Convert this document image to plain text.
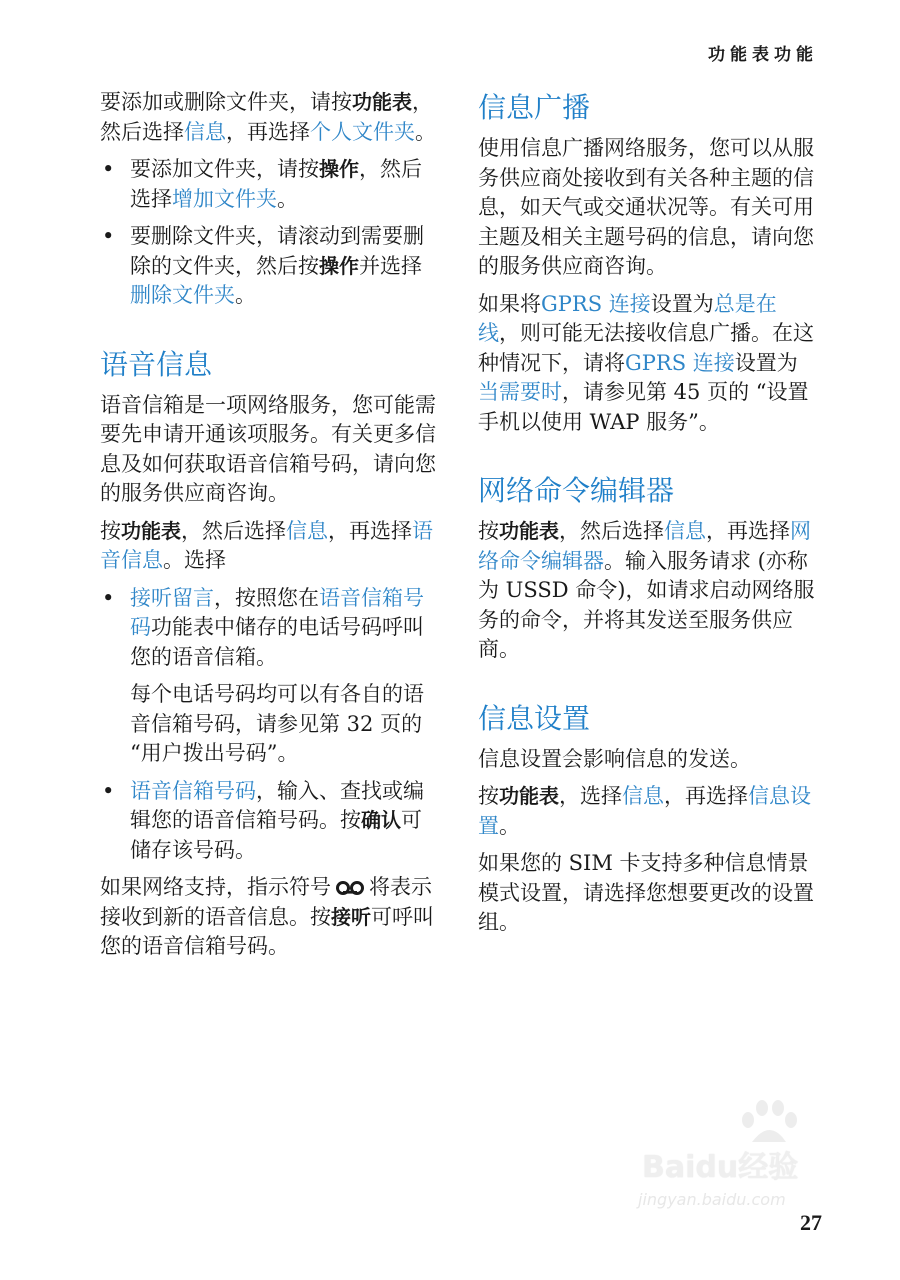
功能表功能

要添加或删除文件夹，请按功能表，然后选择信息，再选择个人文件夹。

• 要添加文件夹，请按操作，然后选择增加文件夹。
• 要删除文件夹，请滚动到需要删除的文件夹，然后按操作并选择删除文件夹。
语音信息

语音信箱是一项网络服务，您可能需要先申请开通该项服务。有关更多信息及如何获取语音信箱号码，请向您的服务供应商咨询。

按功能表，然后选择信息，再选择语音信息。选择

• 接听留言，按照您在语音信箱号码功能表中储存的电话号码呼叫您的语音信箱。

每个电话号码均可以有各自的语音信箱号码，请参见第 32 页的 “用户拨出号码”。

• 语音信箱号码，输入、查找或编辑您的语音信箱号码。按确认可储存该号码。

如果网络支持，指示符号 将表示接收到新的语音信息。按接听可呼叫您的语音信箱号码。

信息广播

使用信息广播网络服务，您可以从服务供应商处接收到有关各种主题的信息，如天气或交通状况等。有关可用主题及相关主题号码的信息，请向您的服务供应商咨询。

如果将GPRS 连接设置为总是在线，则可能无法接收信息广播。在这种情况下，请将GPRS 连接设置为当需要时，请参见第 45 页的 “设置手机以使用 WAP 服务”。

网络命令编辑器

按功能表，然后选择信息，再选择网络命令编辑器。输入服务请求 (亦称为 USSD 命令)，如请求启动网络服务的命令，并将其发送至服务供应商。

信息设置

信息设置会影响信息的发送。

按功能表，选择信息，再选择信息设置。

如果您的 SIM 卡支持多种信息情景模式设置，请选择您想要更改的设置组。

Baidu经验
jingyan.baidu.com
27
